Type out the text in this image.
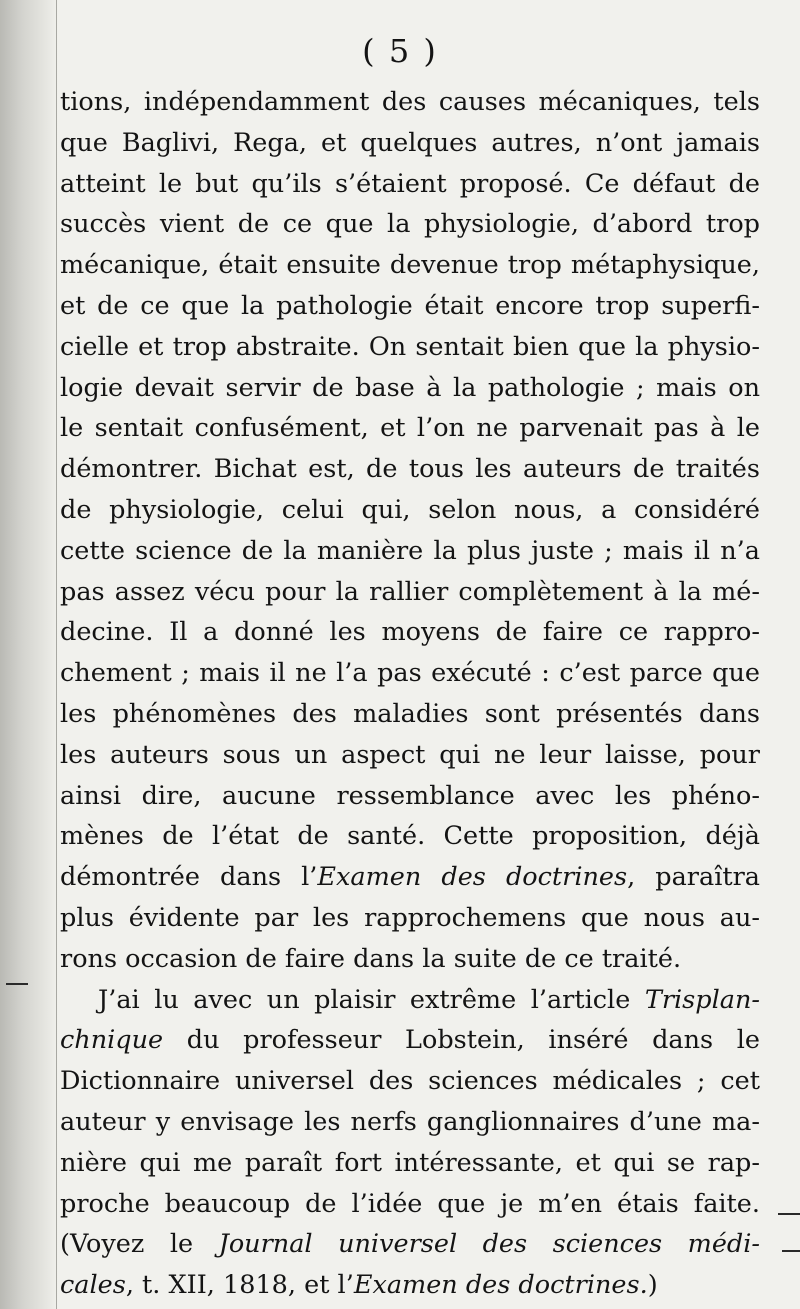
( 5 )
tions, indépendamment des causes mécaniques, tels
que Baglivi, Rega, et quelques autres, n’ont jamais
atteint le but qu’ils s’étaient proposé. Ce défaut de
succès vient de ce que la physiologie, d’abord trop
mécanique, était ensuite devenue trop métaphysique,
et de ce que la pathologie était encore trop superfi-
cielle et trop abstraite. On sentait bien que la physio-
logie devait servir de base à la pathologie ; mais on
le sentait confusément, et l’on ne parvenait pas à le
démontrer. Bichat est, de tous les auteurs de traités
de physiologie, celui qui, selon nous, a considéré
cette science de la manière la plus juste ; mais il n’a
pas assez vécu pour la rallier complètement à la mé-
decine. Il a donné les moyens de faire ce rappro-
chement ; mais il ne l’a pas exécuté : c’est parce que
les phénomènes des maladies sont présentés dans
les auteurs sous un aspect qui ne leur laisse, pour
ainsi dire, aucune ressemblance avec les phéno-
mènes de l’état de santé. Cette proposition, déjà
démontrée dans l’Examen des doctrines, paraîtra
plus évidente par les rapprochemens que nous au-
rons occasion de faire dans la suite de ce traité.
J’ai lu avec un plaisir extrême l’article Trisplan-
chnique du professeur Lobstein, inséré dans le
Dictionnaire universel des sciences médicales ; cet
auteur y envisage les nerfs ganglionnaires d’une ma-
nière qui me paraît fort intéressante, et qui se rap-
proche beaucoup de l’idée que je m’en étais faite.
(Voyez le Journal universel des sciences médi-
cales, t. XII, 1818, et l’Examen des doctrines.)
